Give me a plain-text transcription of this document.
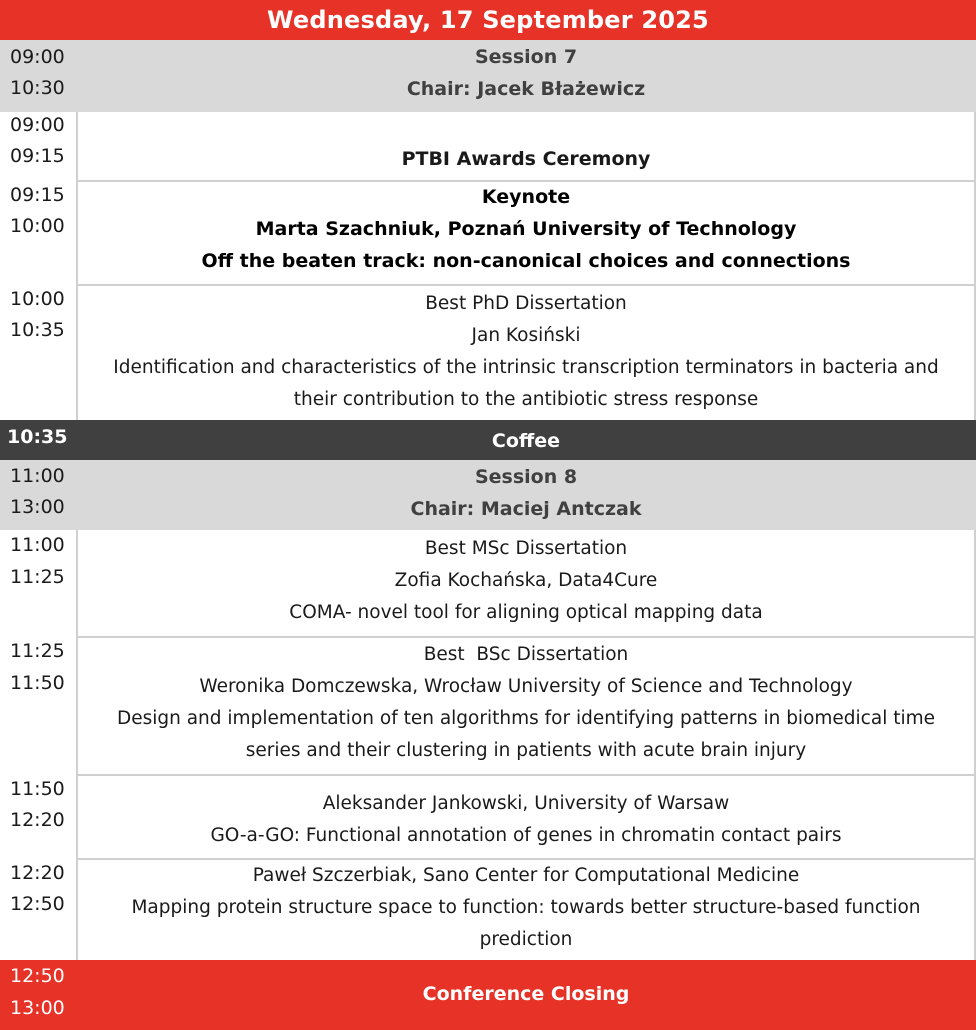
Wednesday, 17 September 2025
09:00
10:30
Session 7
Chair: Jacek Błażewicz
09:00
09:15	PTBI Awards Ceremony
09:15
10:00
Keynote
Marta Szachniuk, Poznań University of Technology
Off the beaten track: non-canonical choices and connections
10:00
10:35
Best PhD Dissertation
Jan Kosiński
Identification and characteristics of the intrinsic transcription terminators in bacteria and
their contribution to the antibiotic stress response
10:35	Coffee
11:00
13:00
Session 8
Chair: Maciej Antczak
11:00
11:25
Best MSc Dissertation
Zofia Kochańska, Data4Cure
COMA- novel tool for aligning optical mapping data
11:25
11:50
Best  BSc Dissertation
Weronika Domczewska, Wrocław University of Science and Technology
Design and implementation of ten algorithms for identifying patterns in biomedical time
series and their clustering in patients with acute brain injury
11:50
12:20
Aleksander Jankowski, University of Warsaw
GO-a-GO: Functional annotation of genes in chromatin contact pairs
12:20
12:50
Paweł Szczerbiak, Sano Center for Computational Medicine
Mapping protein structure space to function: towards better structure-based function
prediction
12:50
13:00
Conference Closing
